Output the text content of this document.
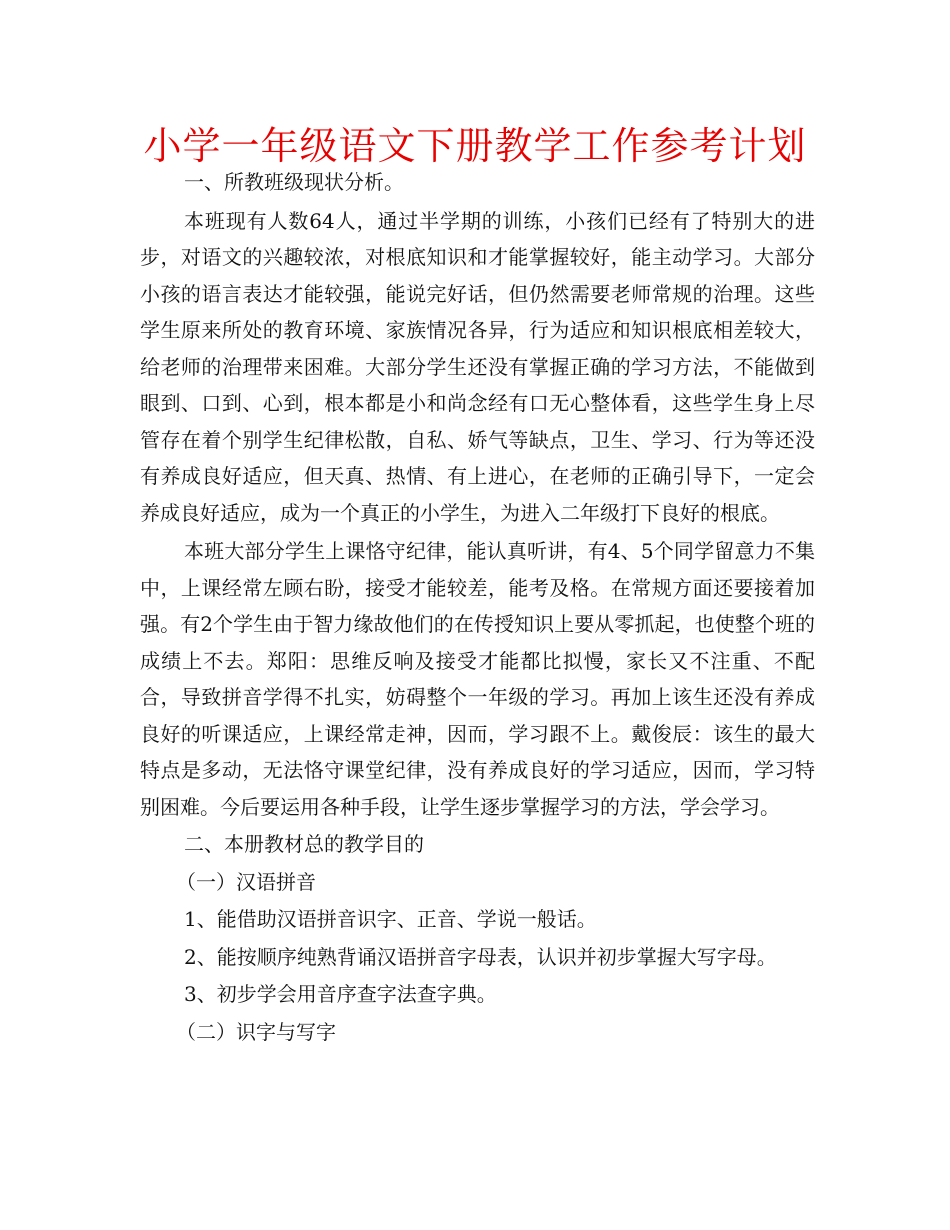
小学一年级语文下册教学工作参考计划

一、所教班级现状分析。

本班现有人数64人，通过半学期的训练，小孩们已经有了特别大的进步，对语文的兴趣较浓，对根底知识和才能掌握较好，能主动学习。大部分小孩的语言表达才能较强，能说完好话，但仍然需要老师常规的治理。这些学生原来所处的教育环境、家族情况各异，行为适应和知识根底相差较大，给老师的治理带来困难。大部分学生还没有掌握正确的学习方法，不能做到眼到、口到、心到，根本都是小和尚念经有口无心整体看，这些学生身上尽管存在着个别学生纪律松散，自私、娇气等缺点，卫生、学习、行为等还没有养成良好适应，但天真、热情、有上进心，在老师的正确引导下，一定会养成良好适应，成为一个真正的小学生，为进入二年级打下良好的根底。

本班大部分学生上课恪守纪律，能认真听讲，有4、5个同学留意力不集中，上课经常左顾右盼，接受才能较差，能考及格。在常规方面还要接着加强。有2个学生由于智力缘故他们的在传授知识上要从零抓起，也使整个班的成绩上不去。郑阳：思维反响及接受才能都比拟慢，家长又不注重、不配合，导致拼音学得不扎实，妨碍整个一年级的学习。再加上该生还没有养成良好的听课适应，上课经常走神，因而，学习跟不上。戴俊辰：该生的最大特点是多动，无法恪守课堂纪律，没有养成良好的学习适应，因而，学习特别困难。今后要运用各种手段，让学生逐步掌握学习的方法，学会学习。

二、本册教材总的教学目的

（一）汉语拼音

1、能借助汉语拼音识字、正音、学说一般话。

2、能按顺序纯熟背诵汉语拼音字母表，认识并初步掌握大写字母。

3、初步学会用音序查字法查字典。

（二）识字与写字
